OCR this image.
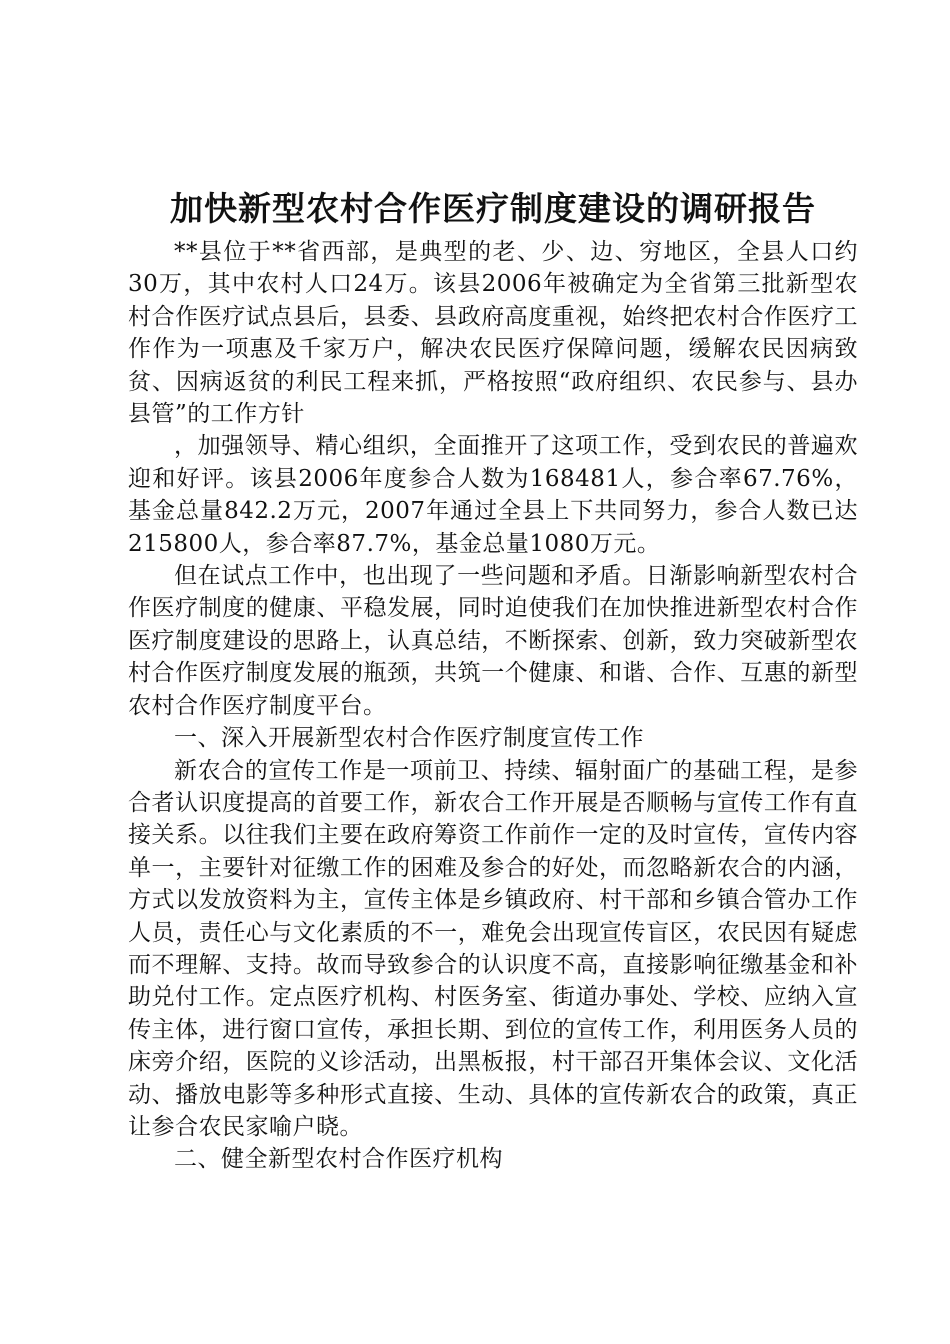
加快新型农村合作医疗制度建设的调研报告

**县位于**省西部，是典型的老、少、边、穷地区，全县人口约30万，其中农村人口24万。该县2006年被确定为全省第三批新型农村合作医疗试点县后，县委、县政府高度重视，始终把农村合作医疗工作作为一项惠及千家万户，解决农民医疗保障问题，缓解农民因病致贫、因病返贫的利民工程来抓，严格按照“政府组织、农民参与、县办县管”的工作方针

，加强领导、精心组织，全面推开了这项工作，受到农民的普遍欢迎和好评。该县2006年度参合人数为168481人，参合率67.76%，基金总量842.2万元，2007年通过全县上下共同努力，参合人数已达215800人，参合率87.7%，基金总量1080万元。

但在试点工作中，也出现了一些问题和矛盾。日渐影响新型农村合作医疗制度的健康、平稳发展，同时迫使我们在加快推进新型农村合作医疗制度建设的思路上，认真总结，不断探索、创新，致力突破新型农村合作医疗制度发展的瓶颈，共筑一个健康、和谐、合作、互惠的新型农村合作医疗制度平台。

一、深入开展新型农村合作医疗制度宣传工作

新农合的宣传工作是一项前卫、持续、辐射面广的基础工程，是参合者认识度提高的首要工作，新农合工作开展是否顺畅与宣传工作有直接关系。以往我们主要在政府筹资工作前作一定的及时宣传，宣传内容单一，主要针对征缴工作的困难及参合的好处，而忽略新农合的内涵，方式以发放资料为主，宣传主体是乡镇政府、村干部和乡镇合管办工作人员，责任心与文化素质的不一，难免会出现宣传盲区，农民因有疑虑而不理解、支持。故而导致参合的认识度不高，直接影响征缴基金和补助兑付工作。定点医疗机构、村医务室、街道办事处、学校、应纳入宣传主体，进行窗口宣传，承担长期、到位的宣传工作，利用医务人员的床旁介绍，医院的义诊活动，出黑板报，村干部召开集体会议、文化活动、播放电影等多种形式直接、生动、具体的宣传新农合的政策，真正让参合农民家喻户晓。

二、健全新型农村合作医疗机构
